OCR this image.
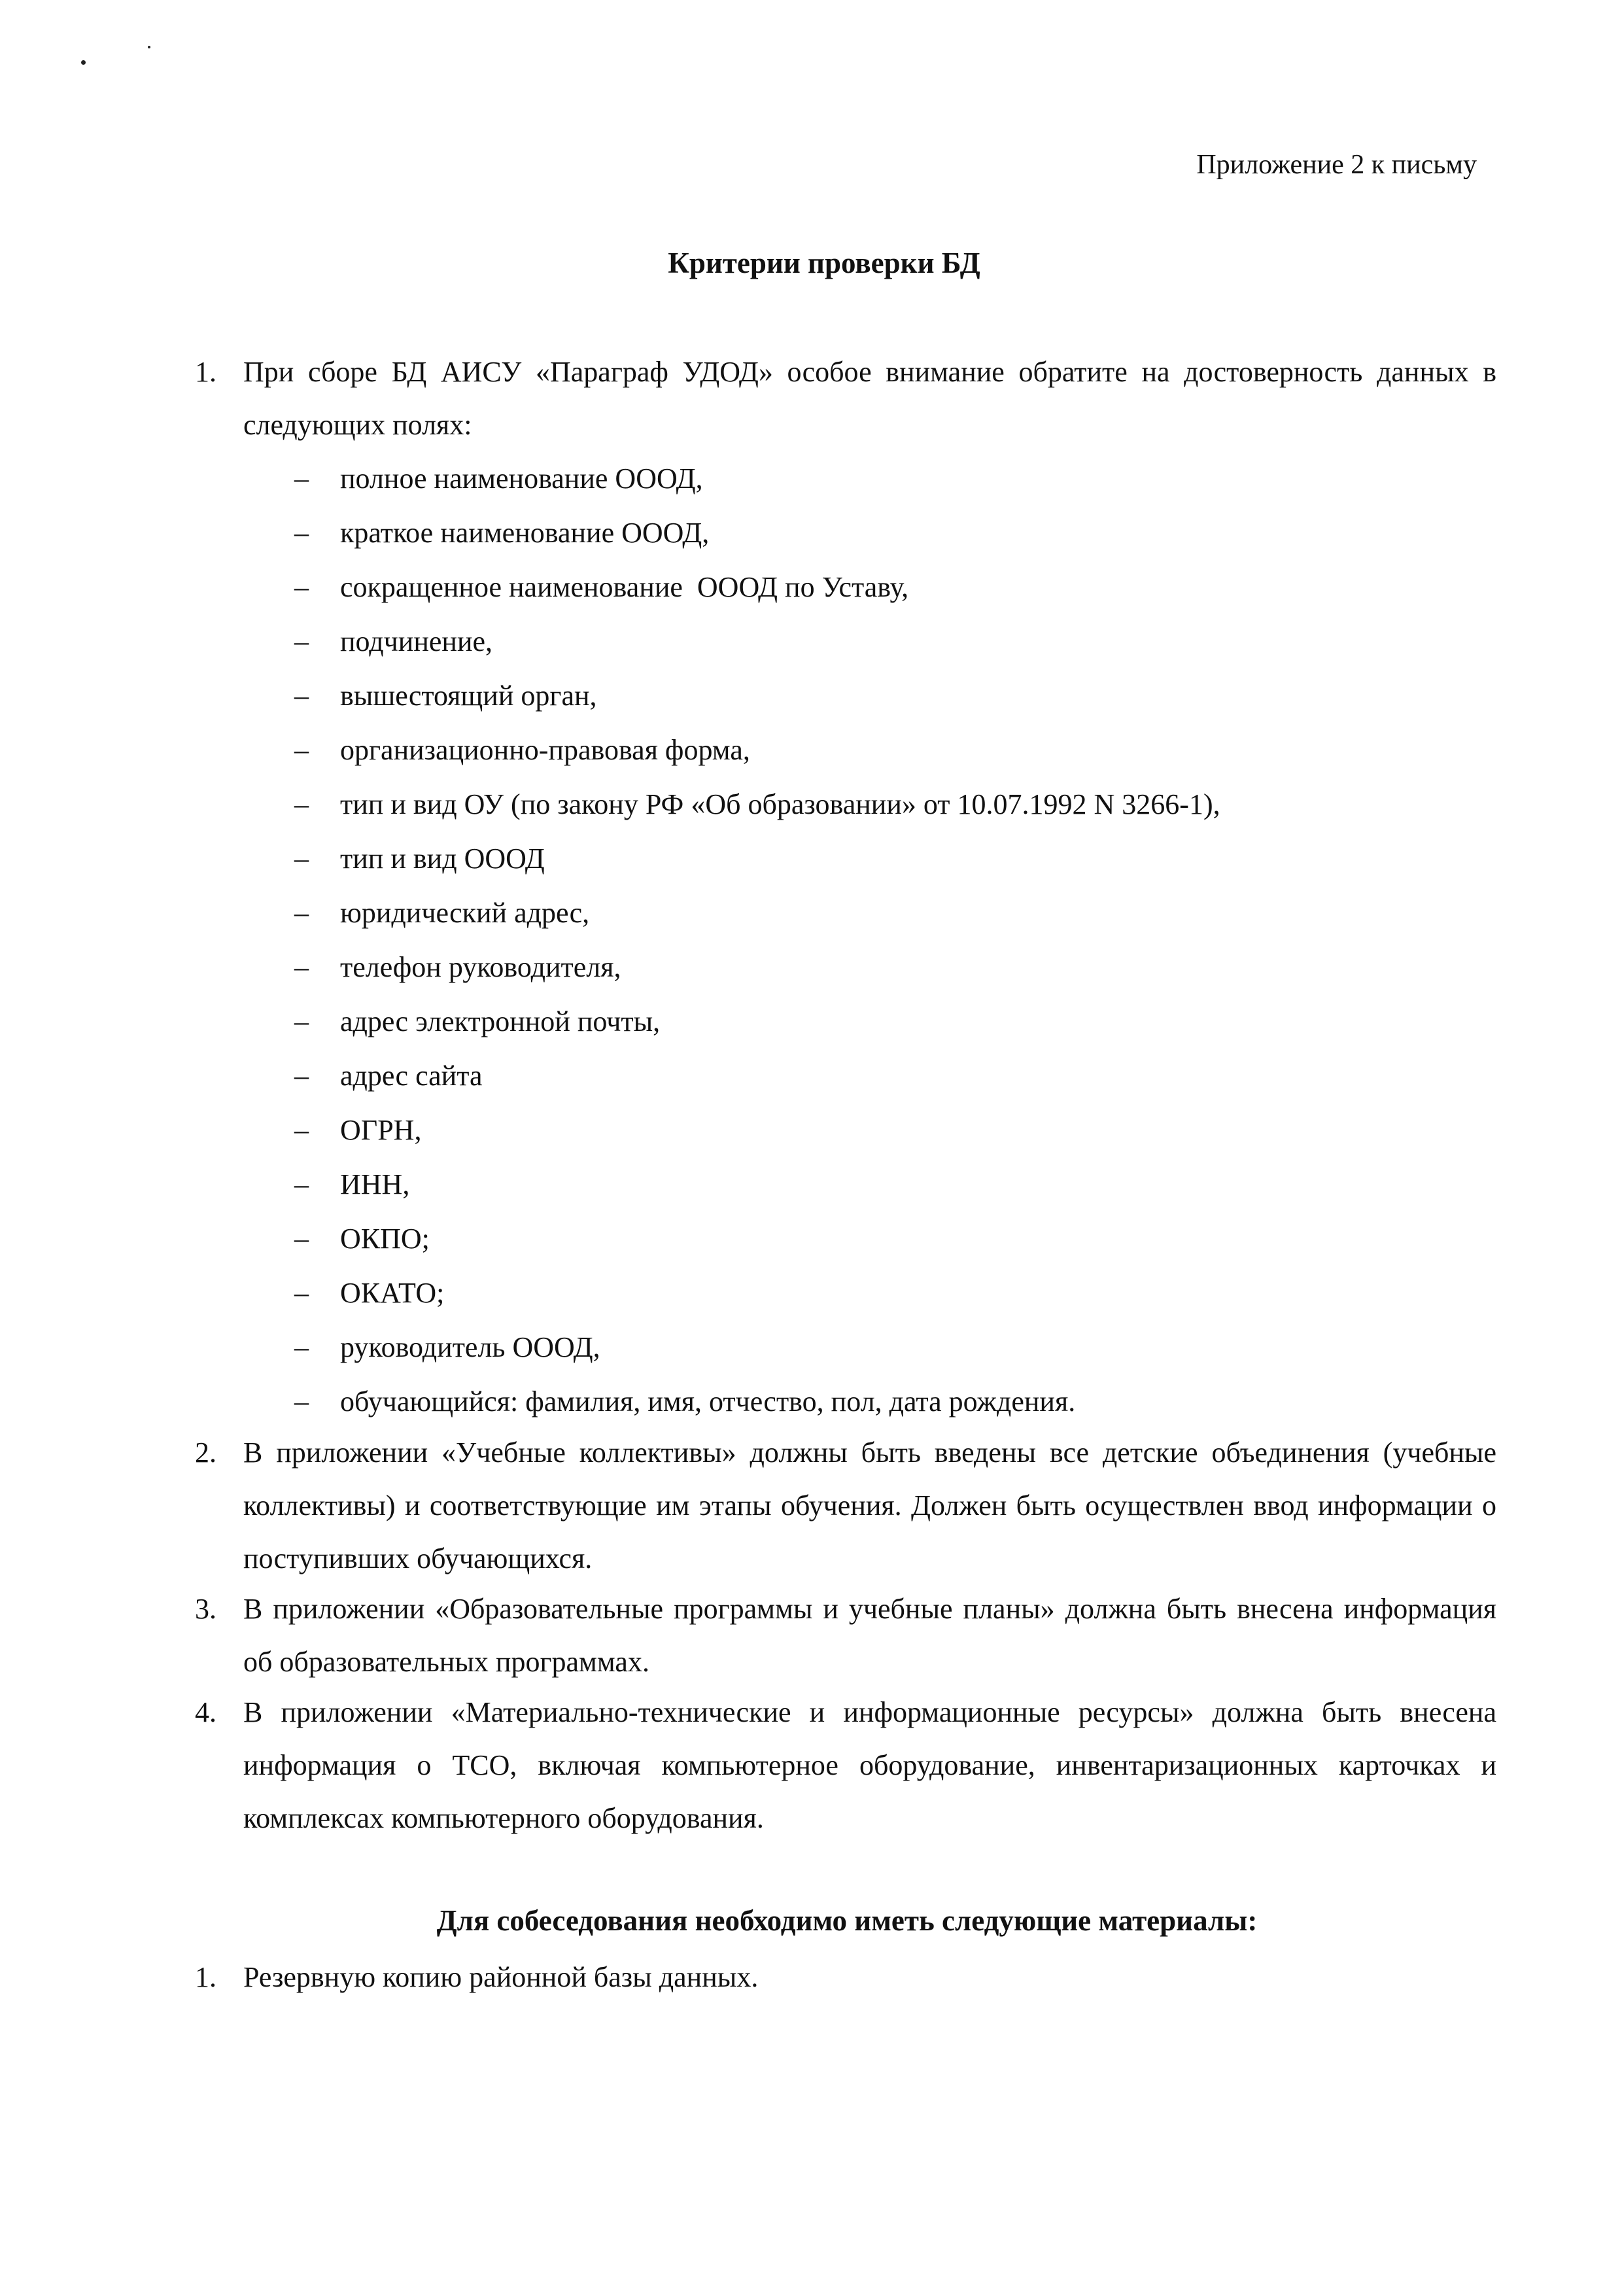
Приложение 2 к письму
Критерии проверки БД
1. При сборе БД АИСУ «Параграф УДОД» особое внимание обратите на достоверность данных в следующих полях:
– полное наименование ОООД,
– краткое наименование ОООД,
– сокращенное наименование  ОООД по Уставу,
– подчинение,
– вышестоящий орган,
– организационно-правовая форма,
– тип и вид ОУ (по закону РФ «Об образовании» от 10.07.1992 N 3266-1),
– тип и вид ОООД
– юридический адрес,
– телефон руководителя,
– адрес электронной почты,
– адрес сайта
– ОГРН,
– ИНН,
– ОКПО;
– ОКАТО;
– руководитель ОООД,
– обучающийся: фамилия, имя, отчество, пол, дата рождения.
2. В приложении «Учебные коллективы» должны быть введены все детские объединения (учебные коллективы) и соответствующие им этапы обучения. Должен быть осуществлен ввод информации о поступивших обучающихся.
3. В приложении «Образовательные программы и учебные планы» должна быть внесена информация об образовательных программах.
4. В приложении «Материально-технические и информационные ресурсы» должна быть внесена информация о ТСО, включая компьютерное оборудование, инвентаризационных карточках и комплексах компьютерного оборудования.
Для собеседования необходимо иметь следующие материалы:
1. Резервную копию районной базы данных.
